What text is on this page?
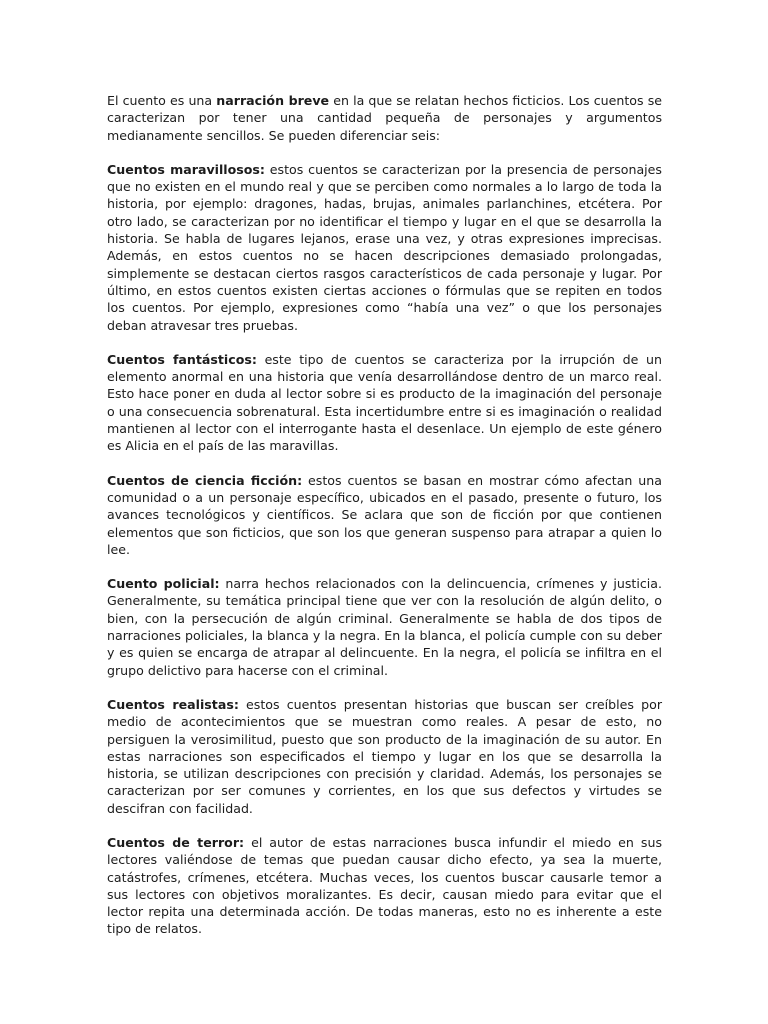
El cuento es una narración breve en la que se relatan hechos ficticios. Los cuentos se caracterizan por tener una cantidad pequeña de personajes y argumentos medianamente sencillos. Se pueden diferenciar seis:

Cuentos maravillosos: estos cuentos se caracterizan por la presencia de personajes que no existen en el mundo real y que se perciben como normales a lo largo de toda la historia, por ejemplo: dragones, hadas, brujas, animales parlanchines, etcétera. Por otro lado, se caracterizan por no identificar el tiempo y lugar en el que se desarrolla la historia. Se habla de lugares lejanos, erase una vez, y otras expresiones imprecisas. Además, en estos cuentos no se hacen descripciones demasiado prolongadas, simplemente se destacan ciertos rasgos característicos de cada personaje y lugar. Por último, en estos cuentos existen ciertas acciones o fórmulas que se repiten en todos los cuentos. Por ejemplo, expresiones como “había una vez” o que los personajes deban atravesar tres pruebas.

Cuentos fantásticos: este tipo de cuentos se caracteriza por la irrupción de un elemento anormal en una historia que venía desarrollándose dentro de un marco real. Esto hace poner en duda al lector sobre si es producto de la imaginación del personaje o una consecuencia sobrenatural. Esta incertidumbre entre si es imaginación o realidad mantienen al lector con el interrogante hasta el desenlace. Un ejemplo de este género es Alicia en el país de las maravillas.

Cuentos de ciencia ficción: estos cuentos se basan en mostrar cómo afectan una comunidad o a un personaje específico, ubicados en el pasado, presente o futuro, los avances tecnológicos y científicos. Se aclara que son de ficción por que contienen elementos que son ficticios, que son los que generan suspenso para atrapar a quien lo lee.

Cuento policial: narra hechos relacionados con la delincuencia, crímenes y justicia. Generalmente, su temática principal tiene que ver con la resolución de algún delito, o bien, con la persecución de algún criminal. Generalmente se habla de dos tipos de narraciones policiales, la blanca y la negra. En la blanca, el policía cumple con su deber y es quien se encarga de atrapar al delincuente. En la negra, el policía se infiltra en el grupo delictivo para hacerse con el criminal.

Cuentos realistas: estos cuentos presentan historias que buscan ser creíbles por medio de acontecimientos que se muestran como reales. A pesar de esto, no persiguen la verosimilitud, puesto que son producto de la imaginación de su autor. En estas narraciones son especificados el tiempo y lugar en los que se desarrolla la historia, se utilizan descripciones con precisión y claridad. Además, los personajes se caracterizan por ser comunes y corrientes, en los que sus defectos y virtudes se descifran con facilidad.

Cuentos de terror: el autor de estas narraciones busca infundir el miedo en sus lectores valiéndose de temas que puedan causar dicho efecto, ya sea la muerte, catástrofes, crímenes, etcétera. Muchas veces, los cuentos buscar causarle temor a sus lectores con objetivos moralizantes. Es decir, causan miedo para evitar que el lector repita una determinada acción. De todas maneras, esto no es inherente a este tipo de relatos.
